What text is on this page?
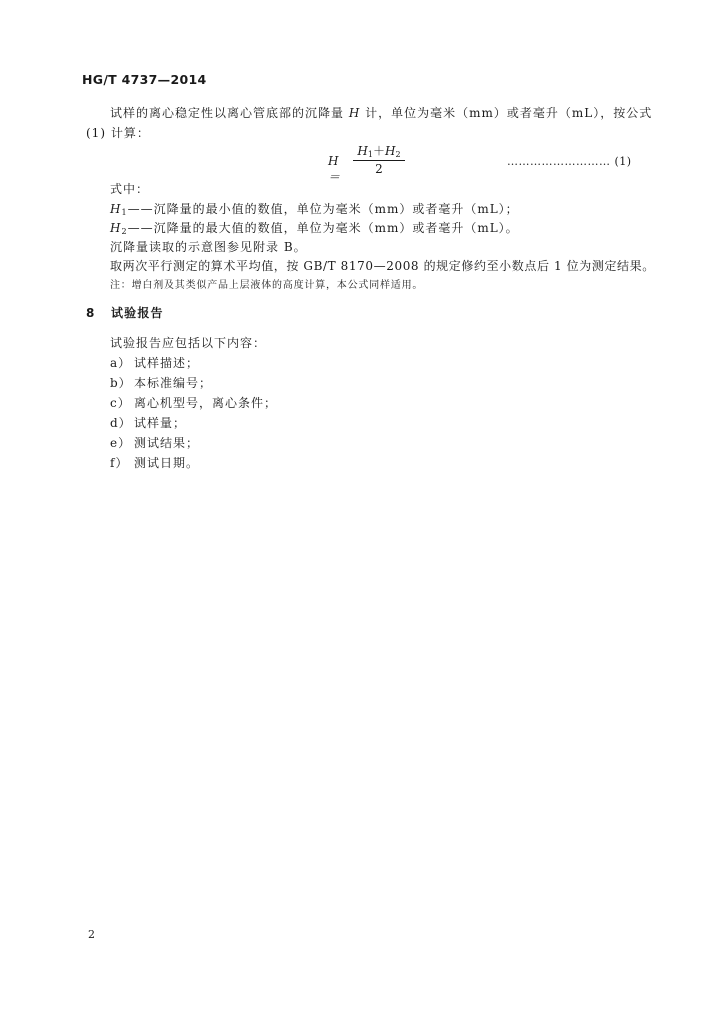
HG/T 4737—2014
试样的离心稳定性以离心管底部的沉降量 H 计，单位为毫米（mm）或者毫升（mL），按公式
(1) 计算：
H＝
$H_1+H_2$
2
……………………… (1)
式中：
$H_1——$沉降量的最小值的数值，单位为毫米（mm）或者毫升（mL）；
$H_2——$沉降量的最大值的数值，单位为毫米（mm）或者毫升（mL）。
沉降量读取的示意图参见附录 B。
取两次平行测定的算术平均值，按 GB/T 8170—2008 的规定修约至小数点后 1 位为测定结果。
注：增白剂及其类似产品上层液体的高度计算，本公式同样适用。
8 试验报告
试验报告应包括以下内容：
a） 试样描述；
b） 本标准编号；
c） 离心机型号，离心条件；
d） 试样量；
e） 测试结果；
f） 测试日期。
2
